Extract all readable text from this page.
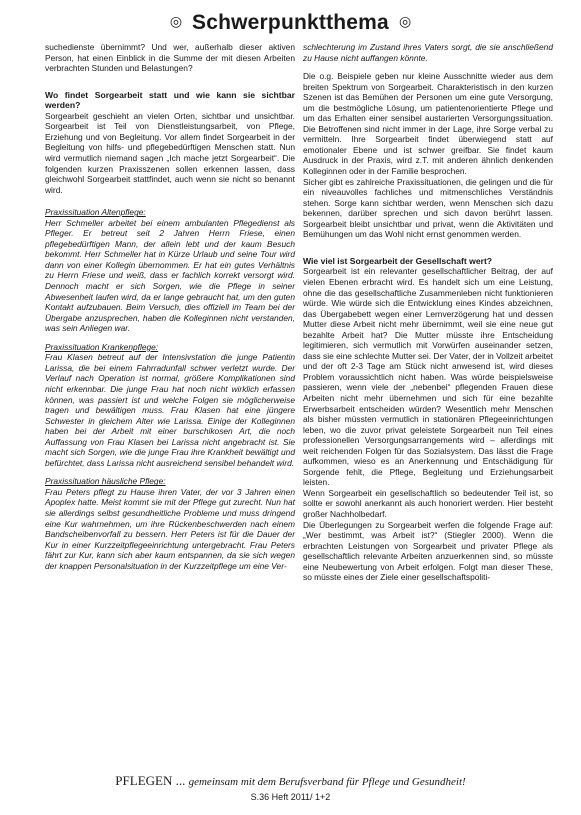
◎ Schwerpunktthema ◎

suchedienste übernimmt? Und wer, außerhalb dieser aktiven Person, hat einen Einblick in die Summe der mit diesen Arbeiten verbrachten Stunden und Belastungen?

Wo findet Sorgearbeit statt und wie kann sie sichtbar werden?

Sorgearbeit geschieht an vielen Orten, sichtbar und unsichtbar. Sorgearbeit ist Teil von Dienstleistungsarbeit, von Pflege, Erziehung und von Begleitung. Vor allem findet Sorgearbeit in der Begleitung von hilfs- und pflegebedürftigen Menschen statt. Nun wird vermutlich niemand sagen „Ich mache jetzt Sorgearbeit“. Die folgenden kurzen Praxisszenen sollen erkennen lassen, dass gleichwohl Sorgearbeit stattfindet, auch wenn sie nicht so benannt wird.

Praxissituation Altenpflege:

Herr Schmeller arbeitet bei einem ambulanten Pflegedienst als Pfleger. Er betreut seit 2 Jahren Herrn Friese, einen pflegebedürftigen Mann, der allein lebt und der kaum Besuch bekommt. Herr Schmeller hat in Kürze Urlaub und seine Tour wird dann von einer Kollegin übernommen. Er hat ein gutes Verhältnis zu Herrn Friese und weiß, dass er fachlich korrekt versorgt wird. Dennoch macht er sich Sorgen, wie die Pflege in seiner Abwesenheit laufen wird, da er lange gebraucht hat, um den guten Kontakt aufzubauen. Beim Versuch, dies offiziell im Team bei der Übergabe anzusprechen, haben die Kolleginnen nicht verstanden, was sein Anliegen war.

Praxissituation Krankenpflege:

Frau Klasen betreut auf der Intensivstation die junge Patientin Larissa, die bei einem Fahrradunfall schwer verletzt wurde. Der Verlauf nach Operation ist normal, größere Komplikationen sind nicht erkennbar. Die junge Frau hat noch nicht wirklich erfassen können, was passiert ist und welche Folgen sie möglicherweise tragen und bewältigen muss. Frau Klasen hat eine jüngere Schwester in gleichem Alter wie Larissa. Einige der Kolleginnen haben bei der Arbeit mit einer burschikosen Art, die noch Auffassung von Frau Klasen bei Larissa nicht angebracht ist. Sie macht sich Sorgen, wie die junge Frau ihre Krankheit bewältigt und befürchtet, dass Larissa nicht ausreichend sensibel behandelt wird.

Praxissituation häusliche Pflege:

Frau Peters pflegt zu Hause ihren Vater, der vor 3 Jahren einen Apoplex hatte. Meist kommt sie mit der Pflege gut zurecht. Nun hat sie allerdings selbst gesundheitliche Probleme und muss dringend eine Kur wahrnehmen, um ihre Rückenbeschwerden nach einem Bandscheibenvorfall zu bessern. Herr Peters ist für die Dauer der Kur in einer Kurzzeitpflegeeinrichtung untergebracht. Frau Peters fährt zur Kur, kann sich aber kaum entspannen, da sie sich wegen der knappen Personalsituation in der Kurzzeitpflege um eine Ver-

schlechterung im Zustand ihres Vaters sorgt, die sie anschließend zu Hause nicht auffangen könnte.

Die o.g. Beispiele geben nur kleine Ausschnitte wieder aus dem breiten Spektrum von Sorgearbeit. Charakteristisch in den kurzen Szenen ist das Bemühen der Personen um eine gute Versorgung, um die bestmögliche Lösung, um patientenorientierte Pflege und um das Erhalten einer sensibel austarierten Versorgungssituation. Die Betroffenen sind nicht immer in der Lage, ihre Sorge verbal zu vermitteln. Ihre Sorgearbeit findet überwiegend statt auf emotionaler Ebene und ist schwer greifbar. Sie findet kaum Ausdruck in der Praxis, wird z.T. mit anderen ähnlich denkenden Kolleginnen oder in der Familie besprochen.

Sicher gibt es zahlreiche Praxissituationen, die gelingen und die für ein niveauvolles fachliches und mitmenschliches Verständnis stehen. Sorge kann sichtbar werden, wenn Menschen sich dazu bekennen, darüber sprechen und sich davon berührt lassen. Sorgearbeit bleibt unsichtbar und privat, wenn die Aktivitäten und Bemühungen um das Wohl nicht ernst genommen werden.

Wie viel ist Sorgearbeit der Gesellschaft wert?

Sorgearbeit ist ein relevanter gesellschaftlicher Beitrag, der auf vielen Ebenen erbracht wird. Es handelt sich um eine Leistung, ohne die das gesellschaftliche Zusammenleben nicht funktionieren würde. Wie würde sich die Entwicklung eines Kindes abzeichnen, das Übergabebett wegen einer Lernverzögerung hat und dessen Mutter diese Arbeit nicht mehr übernimmt, weil sie eine neue gut bezahlte Arbeit hat? Die Mutter müsste ihre Entscheidung legitimieren, sich vermutlich mit Vorwürfen auseinander setzen, dass sie eine schlechte Mutter sei. Der Vater, der in Vollzeit arbeitet und der oft 2-3 Tage am Stück nicht anwesend ist, wird dieses Problem voraussichtlich nicht haben. Was würde beispielsweise passieren, wenn viele der „nebenbei“ pflegenden Frauen diese Arbeiten nicht mehr übernehmen und sich für eine bezahlte Erwerbsarbeit entscheiden würden? Wesentlich mehr Menschen als bisher müssten vermutlich in stationären Pflegeeinrichtungen leben, wo die zuvor privat geleistete Sorgearbeit nun Teil eines professionellen Versorgungsarrangements wird – allerdings mit weit reichenden Folgen für das Sozialsystem. Das lässt die Frage aufkommen, wieso es an Anerkennung und Entschädigung für Sorgende fehlt, die Pflege, Begleitung und Erziehungsarbeit leisten.

Wenn Sorgearbeit ein gesellschaftlich so bedeutender Teil ist, so sollte er sowohl anerkannt als auch honoriert werden. Hier besteht großer Nachholbedarf.

Die Überlegungen zu Sorgearbeit werfen die folgende Frage auf: „Wer bestimmt, was Arbeit ist?“ (Stiegler 2000). Wenn die erbrachten Leistungen von Sorgearbeit und privater Pflege als gesellschaftlich relevante Arbeiten anzuerkennen sind, so müsste eine Neubewertung von Arbeit erfolgen. Folgt man dieser These, so müsste eines der Ziele einer gesellschaftspoliti-

PFLEGEN ... gemeinsam mit dem Berufsverband für Pflege und Gesundheit!
S.36 Heft 2011/ 1+2
